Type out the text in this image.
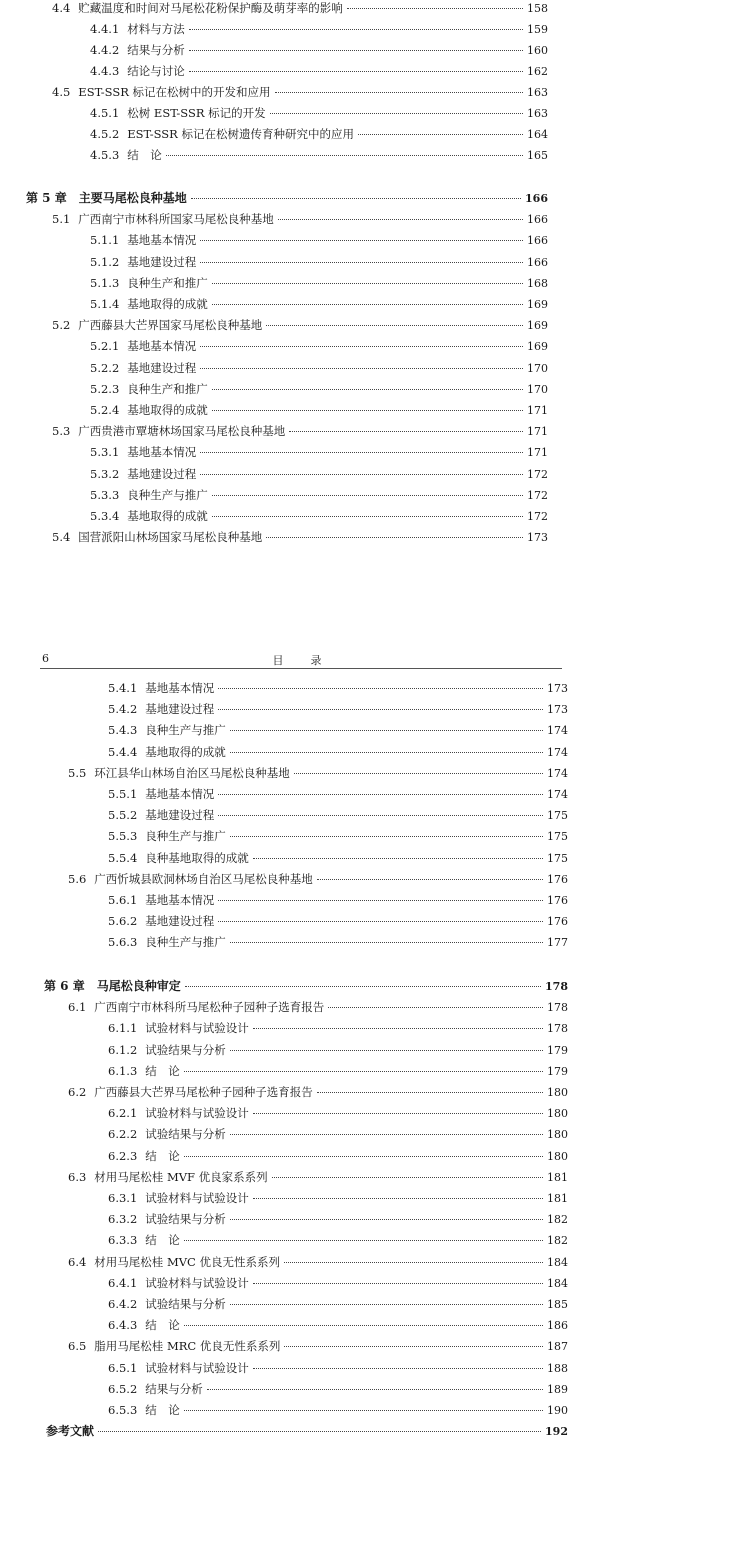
4.4 贮藏温度和时间对马尾松花粉保护酶及萌芽率的影响	158
4.4.1 材料与方法	159
4.4.2 结果与分析	160
4.4.3 结论与讨论	162
4.5 EST-SSR 标记在松树中的开发和应用	163
4.5.1 松树 EST-SSR 标记的开发	163
4.5.2 EST-SSR 标记在松树遗传育种研究中的应用	164
4.5.3 结　论	165
第 5 章 主要马尾松良种基地	166
5.1 广西南宁市林科所国家马尾松良种基地	166
5.1.1 基地基本情况	166
5.1.2 基地建设过程	166
5.1.3 良种生产和推广	168
5.1.4 基地取得的成就	169
5.2 广西藤县大芒界国家马尾松良种基地	169
5.2.1 基地基本情况	169
5.2.2 基地建设过程	170
5.2.3 良种生产和推广	170
5.2.4 基地取得的成就	171
5.3 广西贵港市覃塘林场国家马尾松良种基地	171
5.3.1 基地基本情况	171
5.3.2 基地建设过程	172
5.3.3 良种生产与推广	172
5.3.4 基地取得的成就	172
5.4 国营派阳山林场国家马尾松良种基地	173
6	目　录
5.4.1 基地基本情况	173
5.4.2 基地建设过程	173
5.4.3 良种生产与推广	174
5.4.4 基地取得的成就	174
5.5 环江县华山林场自治区马尾松良种基地	174
5.5.1 基地基本情况	174
5.5.2 基地建设过程	175
5.5.3 良种生产与推广	175
5.5.4 良种基地取得的成就	175
5.6 广西忻城县欧洞林场自治区马尾松良种基地	176
5.6.1 基地基本情况	176
5.6.2 基地建设过程	176
5.6.3 良种生产与推广	177
第 6 章 马尾松良种审定	178
6.1 广西南宁市林科所马尾松种子园种子选育报告	178
6.1.1 试验材料与试验设计	178
6.1.2 试验结果与分析	179
6.1.3 结　论	179
6.2 广西藤县大芒界马尾松种子园种子选育报告	180
6.2.1 试验材料与试验设计	180
6.2.2 试验结果与分析	180
6.2.3 结　论	180
6.3 材用马尾松桂 MVF 优良家系系列	181
6.3.1 试验材料与试验设计	181
6.3.2 试验结果与分析	182
6.3.3 结　论	182
6.4 材用马尾松桂 MVC 优良无性系系列	184
6.4.1 试验材料与试验设计	184
6.4.2 试验结果与分析	185
6.4.3 结　论	186
6.5 脂用马尾松桂 MRC 优良无性系系列	187
6.5.1 试验材料与试验设计	188
6.5.2 结果与分析	189
6.5.3 结　论	190
参考文献	192
